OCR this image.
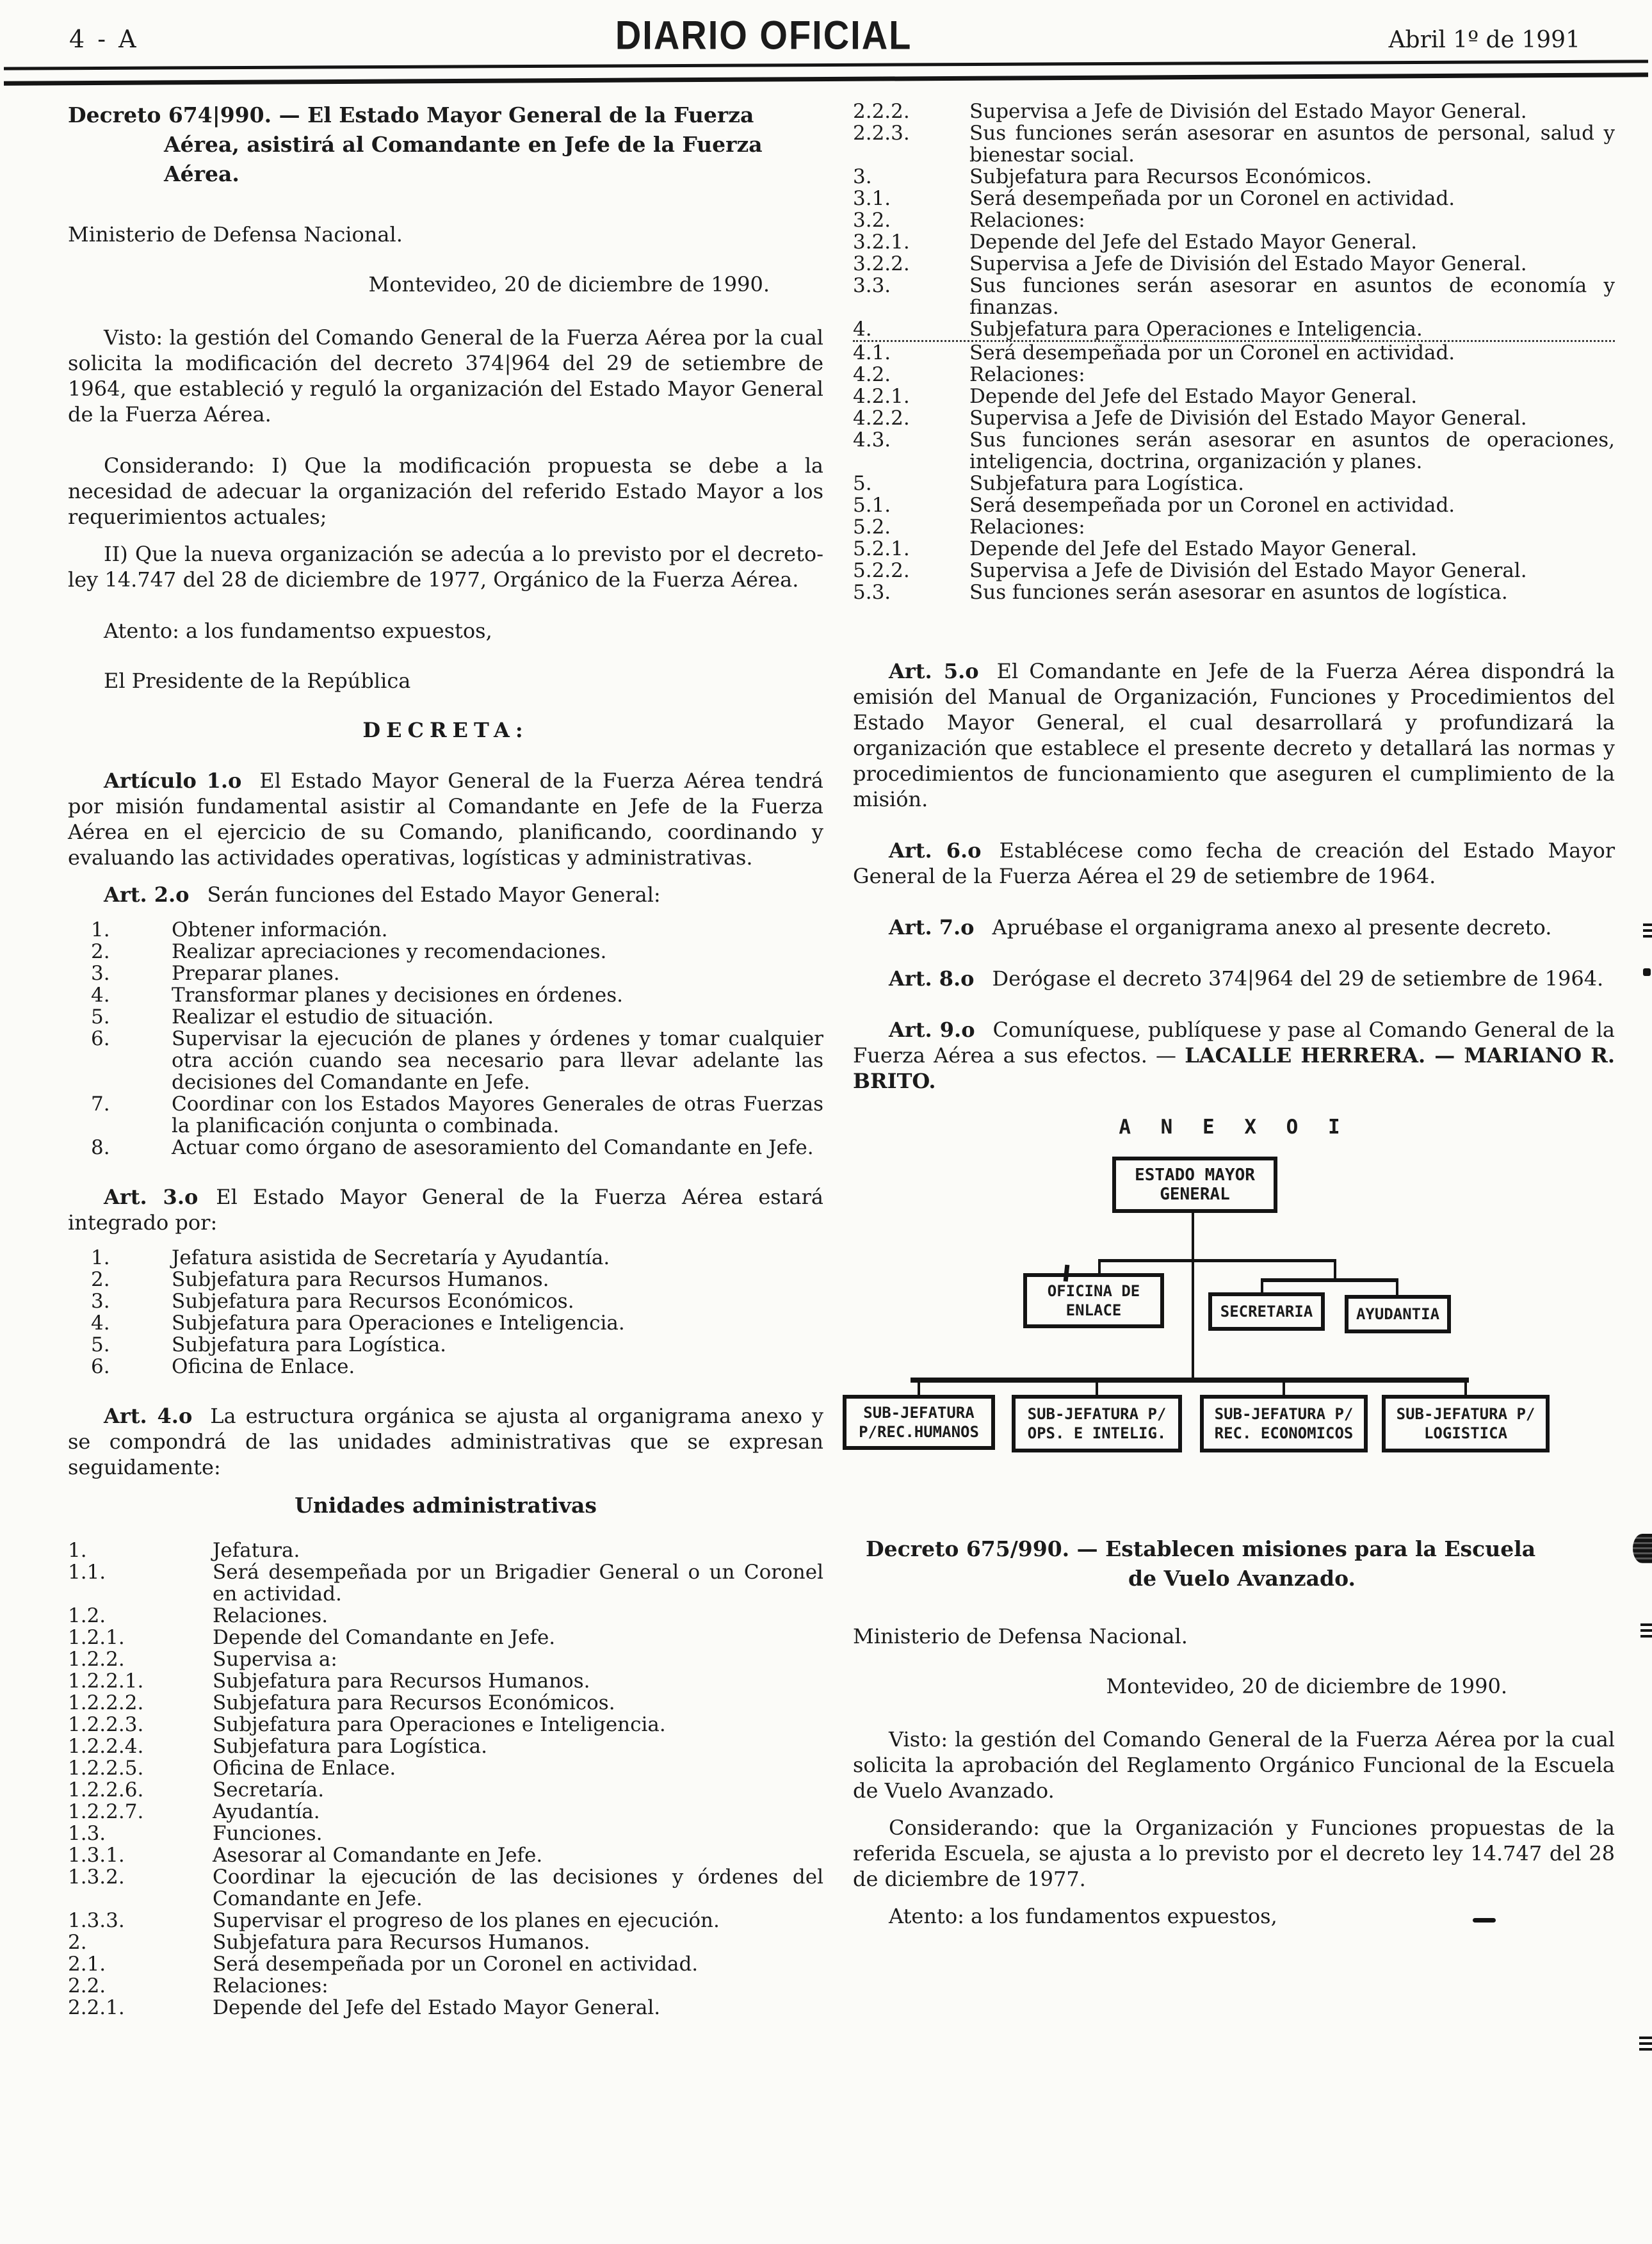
4 - A	DIARIO OFICIAL	Abril 1º de 1991
Decreto 674|990. — El Estado Mayor General de la Fuerza
Aérea, asistirá al Comandante en Jefe de la Fuerza
Aérea.

Ministerio de Defensa Nacional.

Montevideo, 20 de diciembre de 1990.

Visto: la gestión del Comando General de la Fuerza Aérea por la cual solicita la modificación del decreto 374|964 del 29 de setiembre de 1964, que estableció y reguló la organización del Estado Mayor General de la Fuerza Aérea.

Considerando: I) Que la modificación propuesta se debe a la necesidad de adecuar la organización del referido Estado Mayor a los requerimientos actuales;

II) Que la nueva organización se adecúa a lo previsto por el decreto-ley 14.747 del 28 de diciembre de 1977, Orgánico de la Fuerza Aérea.

Atento: a los fundamentso expuestos,

El Presidente de la República

DECRETA:

Artículo 1.o El Estado Mayor General de la Fuerza Aérea tendrá por misión fundamental asistir al Comandante en Jefe de la Fuerza Aérea en el ejercicio de su Comando, planificando, coordinando y evaluando las actividades operativas, logísticas y administrativas.

Art. 2.o Serán funciones del Estado Mayor General:

1.	Obtener información.
2.	Realizar apreciaciones y recomendaciones.
3.	Preparar planes.
4.	Transformar planes y decisiones en órdenes.
5.	Realizar el estudio de situación.
6.	Supervisar la ejecución de planes y órdenes y tomar cualquier otra acción cuando sea necesario para llevar adelante las decisiones del Comandante en Jefe.
7.	Coordinar con los Estados Mayores Generales de otras Fuerzas la planificación conjunta o combinada.
8.	Actuar como órgano de asesoramiento del Comandante en Jefe.

Art. 3.o El Estado Mayor General de la Fuerza Aérea estará integrado por:

1.	Jefatura asistida de Secretaría y Ayudantía.
2.	Subjefatura para Recursos Humanos.
3.	Subjefatura para Recursos Económicos.
4.	Subjefatura para Operaciones e Inteligencia.
5.	Subjefatura para Logística.
6.	Oficina de Enlace.

Art. 4.o La estructura orgánica se ajusta al organigrama anexo y se compondrá de las unidades administrativas que se expresan seguidamente:

Unidades administrativas

1.	Jefatura.
1.1.	Será desempeñada por un Brigadier General o un Coronel en actividad.
1.2.	Relaciones.
1.2.1.	Depende del Comandante en Jefe.
1.2.2.	Supervisa a:
1.2.2.1.	Subjefatura para Recursos Humanos.
1.2.2.2.	Subjefatura para Recursos Económicos.
1.2.2.3.	Subjefatura para Operaciones e Inteligencia.
1.2.2.4.	Subjefatura para Logística.
1.2.2.5.	Oficina de Enlace.
1.2.2.6.	Secretaría.
1.2.2.7.	Ayudantía.
1.3.	Funciones.
1.3.1.	Asesorar al Comandante en Jefe.
1.3.2.	Coordinar la ejecución de las decisiones y órdenes del Comandante en Jefe.
1.3.3.	Supervisar el progreso de los planes en ejecución.
2.	Subjefatura para Recursos Humanos.
2.1.	Será desempeñada por un Coronel en actividad.
2.2.	Relaciones:
2.2.1.	Depende del Jefe del Estado Mayor General.
2.2.2.	Supervisa a Jefe de División del Estado Mayor General.
2.2.3.	Sus funciones serán asesorar en asuntos de personal, salud y bienestar social.
3.	Subjefatura para Recursos Económicos.
3.1.	Será desempeñada por un Coronel en actividad.
3.2.	Relaciones:
3.2.1.	Depende del Jefe del Estado Mayor General.
3.2.2.	Supervisa a Jefe de División del Estado Mayor General.
3.3.	Sus funciones serán asesorar en asuntos de economía y finanzas.
4.	Subjefatura para Operaciones e Inteligencia.
4.1.	Será desempeñada por un Coronel en actividad.
4.2.	Relaciones:
4.2.1.	Depende del Jefe del Estado Mayor General.
4.2.2.	Supervisa a Jefe de División del Estado Mayor General.
4.3.	Sus funciones serán asesorar en asuntos de operaciones, inteligencia, doctrina, organización y planes.
5.	Subjefatura para Logística.
5.1.	Será desempeñada por un Coronel en actividad.
5.2.	Relaciones:
5.2.1.	Depende del Jefe del Estado Mayor General.
5.2.2.	Supervisa a Jefe de División del Estado Mayor General.
5.3.	Sus funciones serán asesorar en asuntos de logística.

Art. 5.o El Comandante en Jefe de la Fuerza Aérea dispondrá la emisión del Manual de Organización, Funciones y Procedimientos del Estado Mayor General, el cual desarrollará y profundizará la organización que establece el presente decreto y detallará las normas y procedimientos de funcionamiento que aseguren el cumplimiento de la misión.

Art. 6.o Establécese como fecha de creación del Estado Mayor General de la Fuerza Aérea el 29 de setiembre de 1964.

Art. 7.o Apruébase el organigrama anexo al presente decreto.

Art. 8.o Derógase el decreto 374|964 del 29 de setiembre de 1964.

Art. 9.o Comuníquese, publíquese y pase al Comando General de la Fuerza Aérea a sus efectos. — LACALLE HERRERA. — MARIANO R. BRITO.

A N E X O I

ESTADO MAYOR GENERAL
OFICINA DE ENLACE	SECRETARIA	AYUDANTIA
SUB-JEFATURA P/REC.HUMANOS
SUB-JEFATURA P/ OPS. E INTELIG.
SUB-JEFATURA P/ REC. ECONOMICOS
SUB-JEFATURA P/ LOGISTICA
Decreto 675/990. — Establecen misiones para la Escuela
de Vuelo Avanzado.

Ministerio de Defensa Nacional.

Montevideo, 20 de diciembre de 1990.

Visto: la gestión del Comando General de la Fuerza Aérea por la cual solicita la aprobación del Reglamento Orgánico Funcional de la Escuela de Vuelo Avanzado.

Considerando: que la Organización y Funciones propuestas de la referida Escuela, se ajusta a lo previsto por el decreto ley 14.747 del 28 de diciembre de 1977.

Atento: a los fundamentos expuestos,
